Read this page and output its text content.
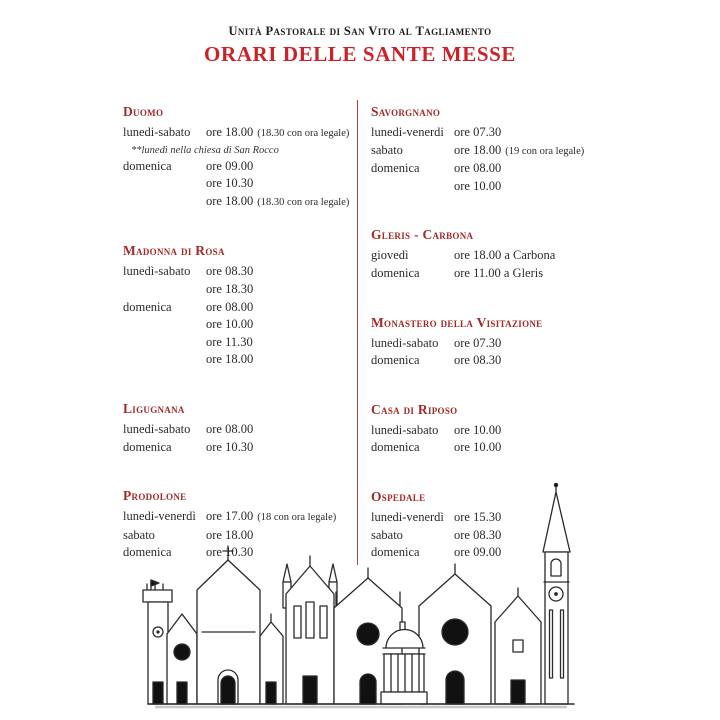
Unità Pastorale di San Vito al Tagliamento
ORARI DELLE SANTE MESSE
Duomo
lunedi-sabato	ore 18.00 (18.30 con ora legale)
**lunedì nella chiesa di San Rocco
domenica	ore 09.00
ore 10.30
ore 18.00 (18.30 con ora legale)
Madonna di Rosa
lunedì-sabato	ore 08.30
ore 18.30
domenica	ore 08.00
ore 10.00
ore 11.30
ore 18.00
Ligugnana
lunedi-sabato	ore 08.00
domenica	ore 10.30
Prodolone
lunedi-venerdì ore 17.00 (18 con ora legale)
sabato	ore 18.00
domenica	ore 10.30
Savorgnano
lunedi-venerdi ore 07.30
sabato	ore 18.00 (19 con ora legale)
domenica	ore 08.00
ore 10.00
Gleris - Carbona
giovedì	ore 18.00 a Carbona
domenica	ore 11.00 a Gleris
Monastero della Visitazione
lunedi-sabato	ore 07.30
domenica	ore 08.30
Casa di Riposo
lunedi-sabato	ore 10.00
domenica	ore 10.00
Ospedale
lunedi-venerdì ore 15.30
sabato	ore 08.30
domenica	ore 09.00
